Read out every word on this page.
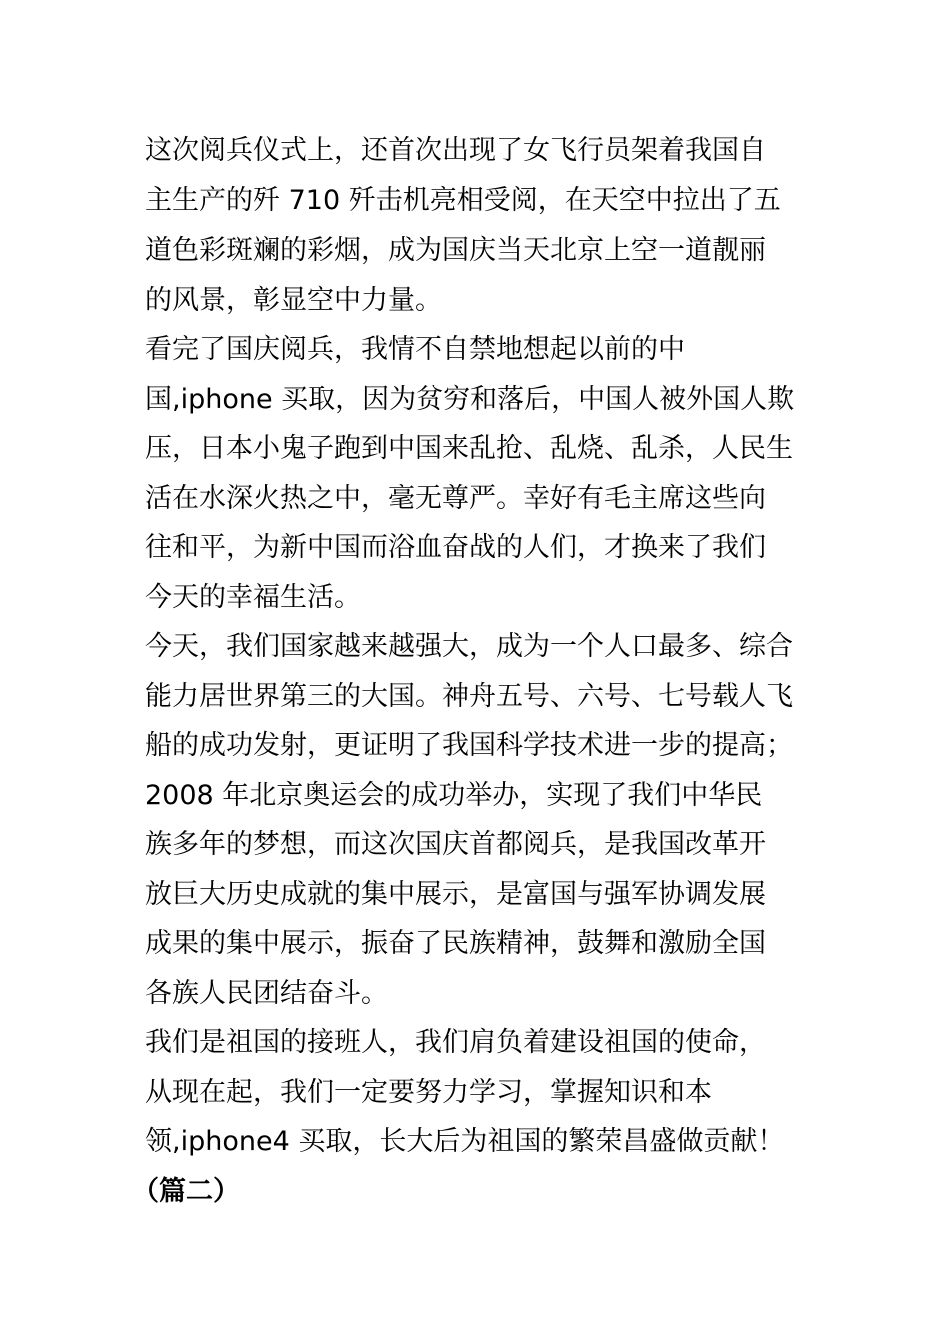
这次阅兵仪式上，还首次出现了女飞行员架着我国自

主生产的歼 710 歼击机亮相受阅，在天空中拉出了五

道色彩斑斓的彩烟，成为国庆当天北京上空一道靓丽

的风景，彰显空中力量。

看完了国庆阅兵，我情不自禁地想起以前的中

国,iphone 买取，因为贫穷和落后，中国人被外国人欺

压，日本小鬼子跑到中国来乱抢、乱烧、乱杀，人民生

活在水深火热之中，毫无尊严。幸好有毛主席这些向

往和平，为新中国而浴血奋战的人们，才换来了我们

今天的幸福生活。

今天，我们国家越来越强大，成为一个人口最多、综合

能力居世界第三的大国。神舟五号、六号、七号载人飞

船的成功发射，更证明了我国科学技术进一步的提高；

2008 年北京奥运会的成功举办，实现了我们中华民

族多年的梦想，而这次国庆首都阅兵，是我国改革开

放巨大历史成就的集中展示，是富国与强军协调发展

成果的集中展示，振奋了民族精神，鼓舞和激励全国

各族人民团结奋斗。

我们是祖国的接班人，我们肩负着建设祖国的使命，

从现在起，我们一定要努力学习，掌握知识和本

领,iphone4 买取，长大后为祖国的繁荣昌盛做贡献！

（篇二）
